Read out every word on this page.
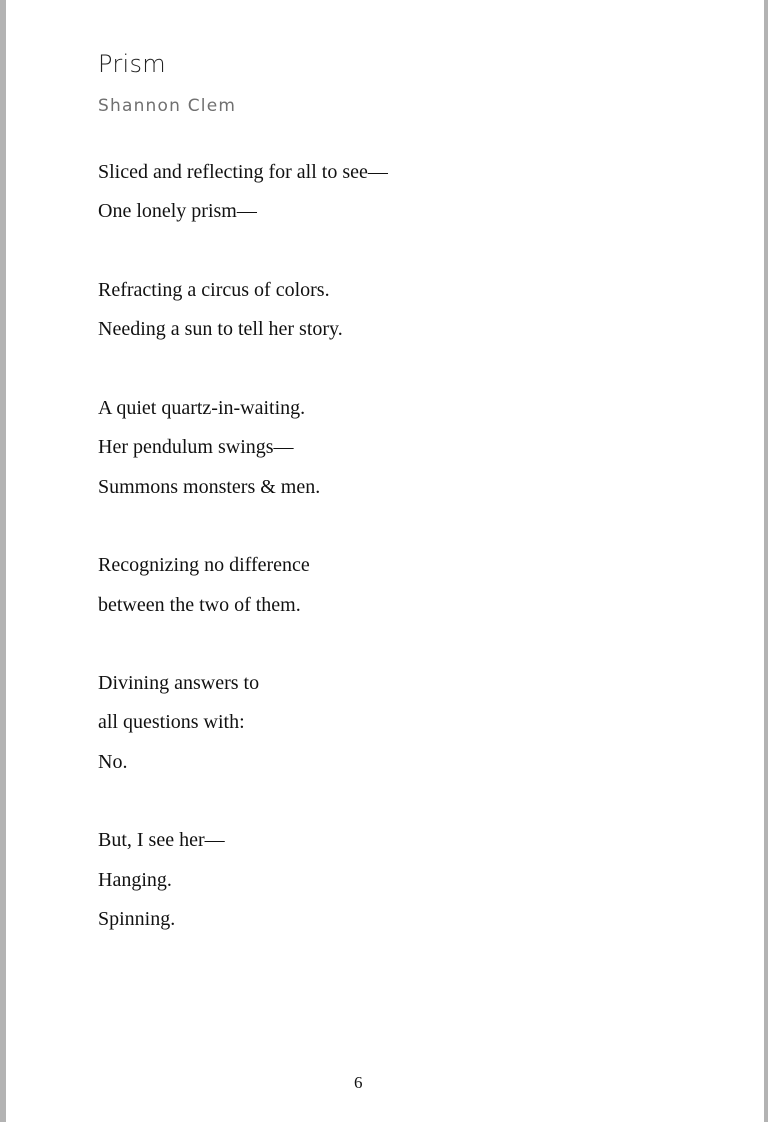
Prism

Shannon Clem

Sliced and reflecting for all to see—
One lonely prism—
Refracting a circus of colors.
Needing a sun to tell her story.
A quiet quartz-in-waiting.
Her pendulum swings—
Summons monsters & men.
Recognizing no difference
between the two of them.
Divining answers to
all questions with:
No.
But, I see her—
Hanging.
Spinning.
6
